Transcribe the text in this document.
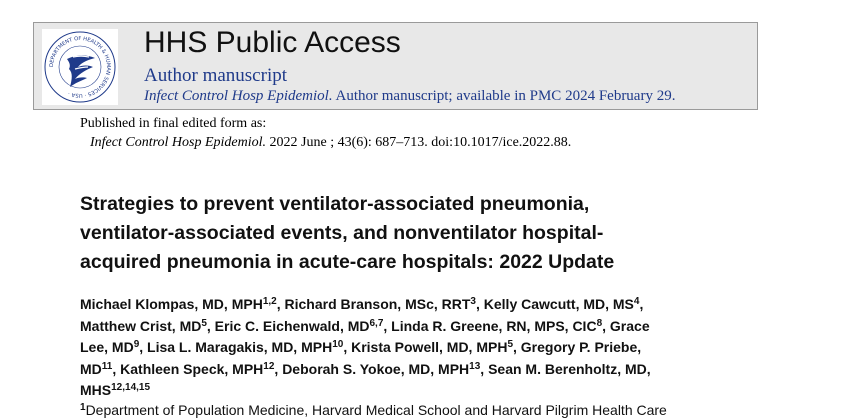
DEPARTMENT OF HEALTH & HUMAN SERVICES · USA ·
HHS Public Access
Author manuscript
Infect Control Hosp Epidemiol. Author manuscript; available in PMC 2024 February 29.
Published in final edited form as:
Infect Control Hosp Epidemiol. 2022 June ; 43(6): 687–713. doi:10.1017/ice.2022.88.
Strategies to prevent ventilator-associated pneumonia,
ventilator-associated events, and nonventilator hospital-
acquired pneumonia in acute-care hospitals: 2022 Update
Michael Klompas, MD, MPH$^{1,2}$, Richard Branson, MSc, RRT$^3$, Kelly Cawcutt, MD, $MS^4$,
Matthew Crist, $MD^5$, Eric C. Eichenwald, MD$^{6,7}$, Linda R. Greene, RN, MPS, CIC$^8$, Grace
Lee, $MD^9$, Lisa L. Maragakis, MD, MPH$^{10}$, Krista Powell, MD, MPH$^5$, Gregory P. Priebe,
MD$^{11}$, Kathleen Speck, MPH$^{12}$, Deborah S. Yokoe, MD, MPH$^{13}$, Sean M. Berenholtz, MD,
MHS$^{12,14,15}$
$^1$Department of Population Medicine, Harvard Medical School and Harvard Pilgrim Health Care
